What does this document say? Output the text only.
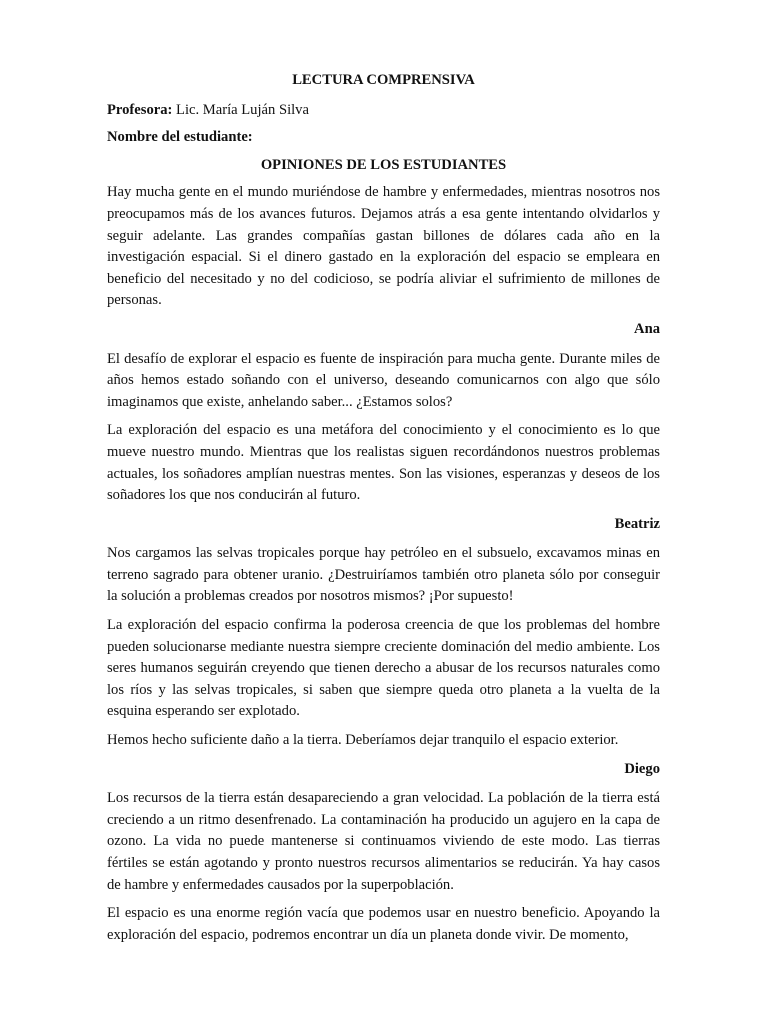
LECTURA COMPRENSIVA
Profesora: Lic. María Luján Silva
Nombre del estudiante:
OPINIONES DE LOS ESTUDIANTES

Hay mucha gente en el mundo muriéndose de hambre y enfermedades, mientras nosotros nos preocupamos más de los avances futuros. Dejamos atrás a esa gente intentando olvidarlos y seguir adelante. Las grandes compañías gastan billones de dólares cada año en la investigación espacial. Si el dinero gastado en la exploración del espacio se empleara en beneficio del necesitado y no del codicioso, se podría aliviar el sufrimiento de millones de personas.

Ana

El desafío de explorar el espacio es fuente de inspiración para mucha gente. Durante miles de años hemos estado soñando con el universo, deseando comunicarnos con algo que sólo imaginamos que existe, anhelando saber... ¿Estamos solos?

La exploración del espacio es una metáfora del conocimiento y el conocimiento es lo que mueve nuestro mundo. Mientras que los realistas siguen recordándonos nuestros problemas actuales, los soñadores amplían nuestras mentes. Son las visiones, esperanzas y deseos de los soñadores los que nos conducirán al futuro.

Beatriz

Nos cargamos las selvas tropicales porque hay petróleo en el subsuelo, excavamos minas en terreno sagrado para obtener uranio. ¿Destruiríamos también otro planeta sólo por conseguir la solución a problemas creados por nosotros mismos? ¡Por supuesto!

La exploración del espacio confirma la poderosa creencia de que los problemas del hombre pueden solucionarse mediante nuestra siempre creciente dominación del medio ambiente. Los seres humanos seguirán creyendo que tienen derecho a abusar de los recursos naturales como los ríos y las selvas tropicales, si saben que siempre queda otro planeta a la vuelta de la esquina esperando ser explotado.

Hemos hecho suficiente daño a la tierra. Deberíamos dejar tranquilo el espacio exterior.

Diego

Los recursos de la tierra están desapareciendo a gran velocidad. La población de la tierra está creciendo a un ritmo desenfrenado. La contaminación ha producido un agujero en la capa de ozono. La vida no puede mantenerse si continuamos viviendo de este modo. Las tierras fértiles se están agotando y pronto nuestros recursos alimentarios se reducirán. Ya hay casos de hambre y enfermedades causados por la superpoblación.

El espacio es una enorme región vacía que podemos usar en nuestro beneficio. Apoyando la exploración del espacio, podremos encontrar un día un planeta donde vivir. De momento,
